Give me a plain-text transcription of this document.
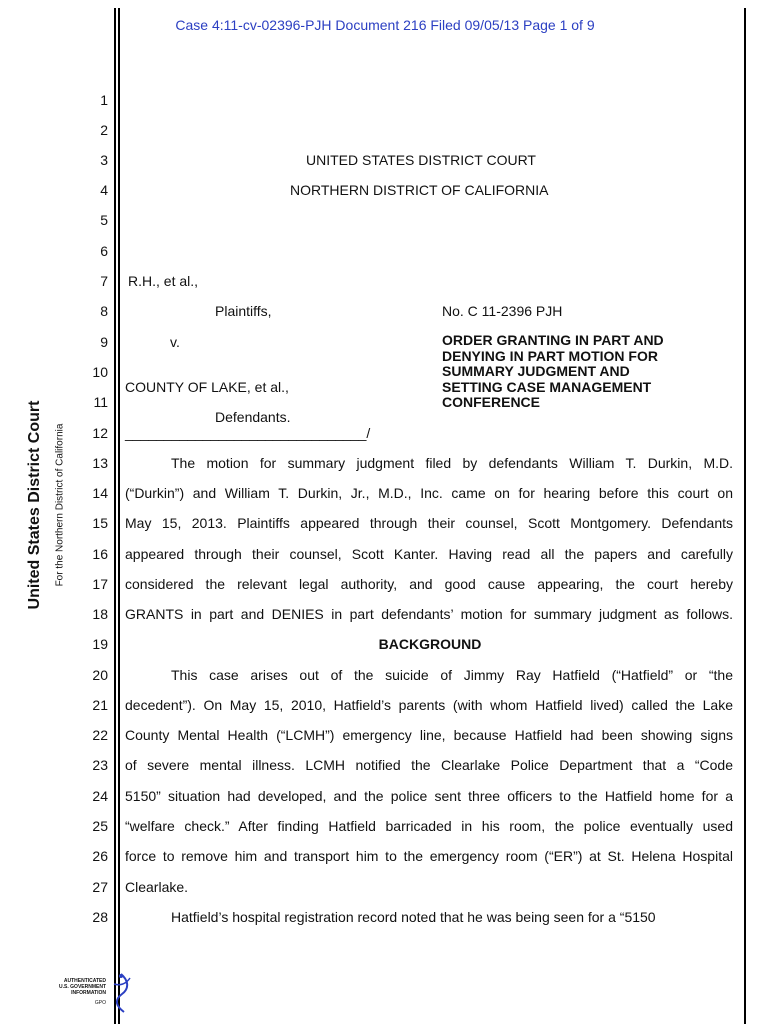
Case 4:11-cv-02396-PJH Document 216 Filed 09/05/13 Page 1 of 9
United States District Court For the Northern District of California
1
2
3
4
5
6
7
8
9
10
11
12
13
14
15
16
17
18
19
20
21
22
23
24
25
26
27
28
UNITED STATES DISTRICT COURT
NORTHERN DISTRICT OF CALIFORNIA
R.H., et al.,
Plaintiffs,	No. C 11-2396 PJH
v.
COUNTY OF LAKE, et al.,
Defendants.
_______________________________/
ORDER GRANTING IN PART AND
DENYING IN PART MOTION FOR
SUMMARY JUDGMENT AND
SETTING CASE MANAGEMENT
CONFERENCE
The motion for summary judgment filed by defendants William T. Durkin, M.D.
(“Durkin”) and William T. Durkin, Jr., M.D., Inc. came on for hearing before this court on
May 15, 2013. Plaintiffs appeared through their counsel, Scott Montgomery. Defendants
appeared through their counsel, Scott Kanter. Having read all the papers and carefully
considered the relevant legal authority, and good cause appearing, the court hereby
GRANTS in part and DENIES in part defendants’ motion for summary judgment as follows.
BACKGROUND
This case arises out of the suicide of Jimmy Ray Hatfield (“Hatfield” or “the
decedent”). On May 15, 2010, Hatfield’s parents (with whom Hatfield lived) called the Lake
County Mental Health (“LCMH”) emergency line, because Hatfield had been showing signs
of severe mental illness. LCMH notified the Clearlake Police Department that a “Code
5150” situation had developed, and the police sent three officers to the Hatfield home for a
“welfare check.” After finding Hatfield barricaded in his room, the police eventually used
force to remove him and transport him to the emergency room (“ER”) at St. Helena Hospital
Clearlake.
Hatfield’s hospital registration record noted that he was being seen for a “5150
AUTHENTICATED
U.S. GOVERNMENT
INFORMATION
GPO
